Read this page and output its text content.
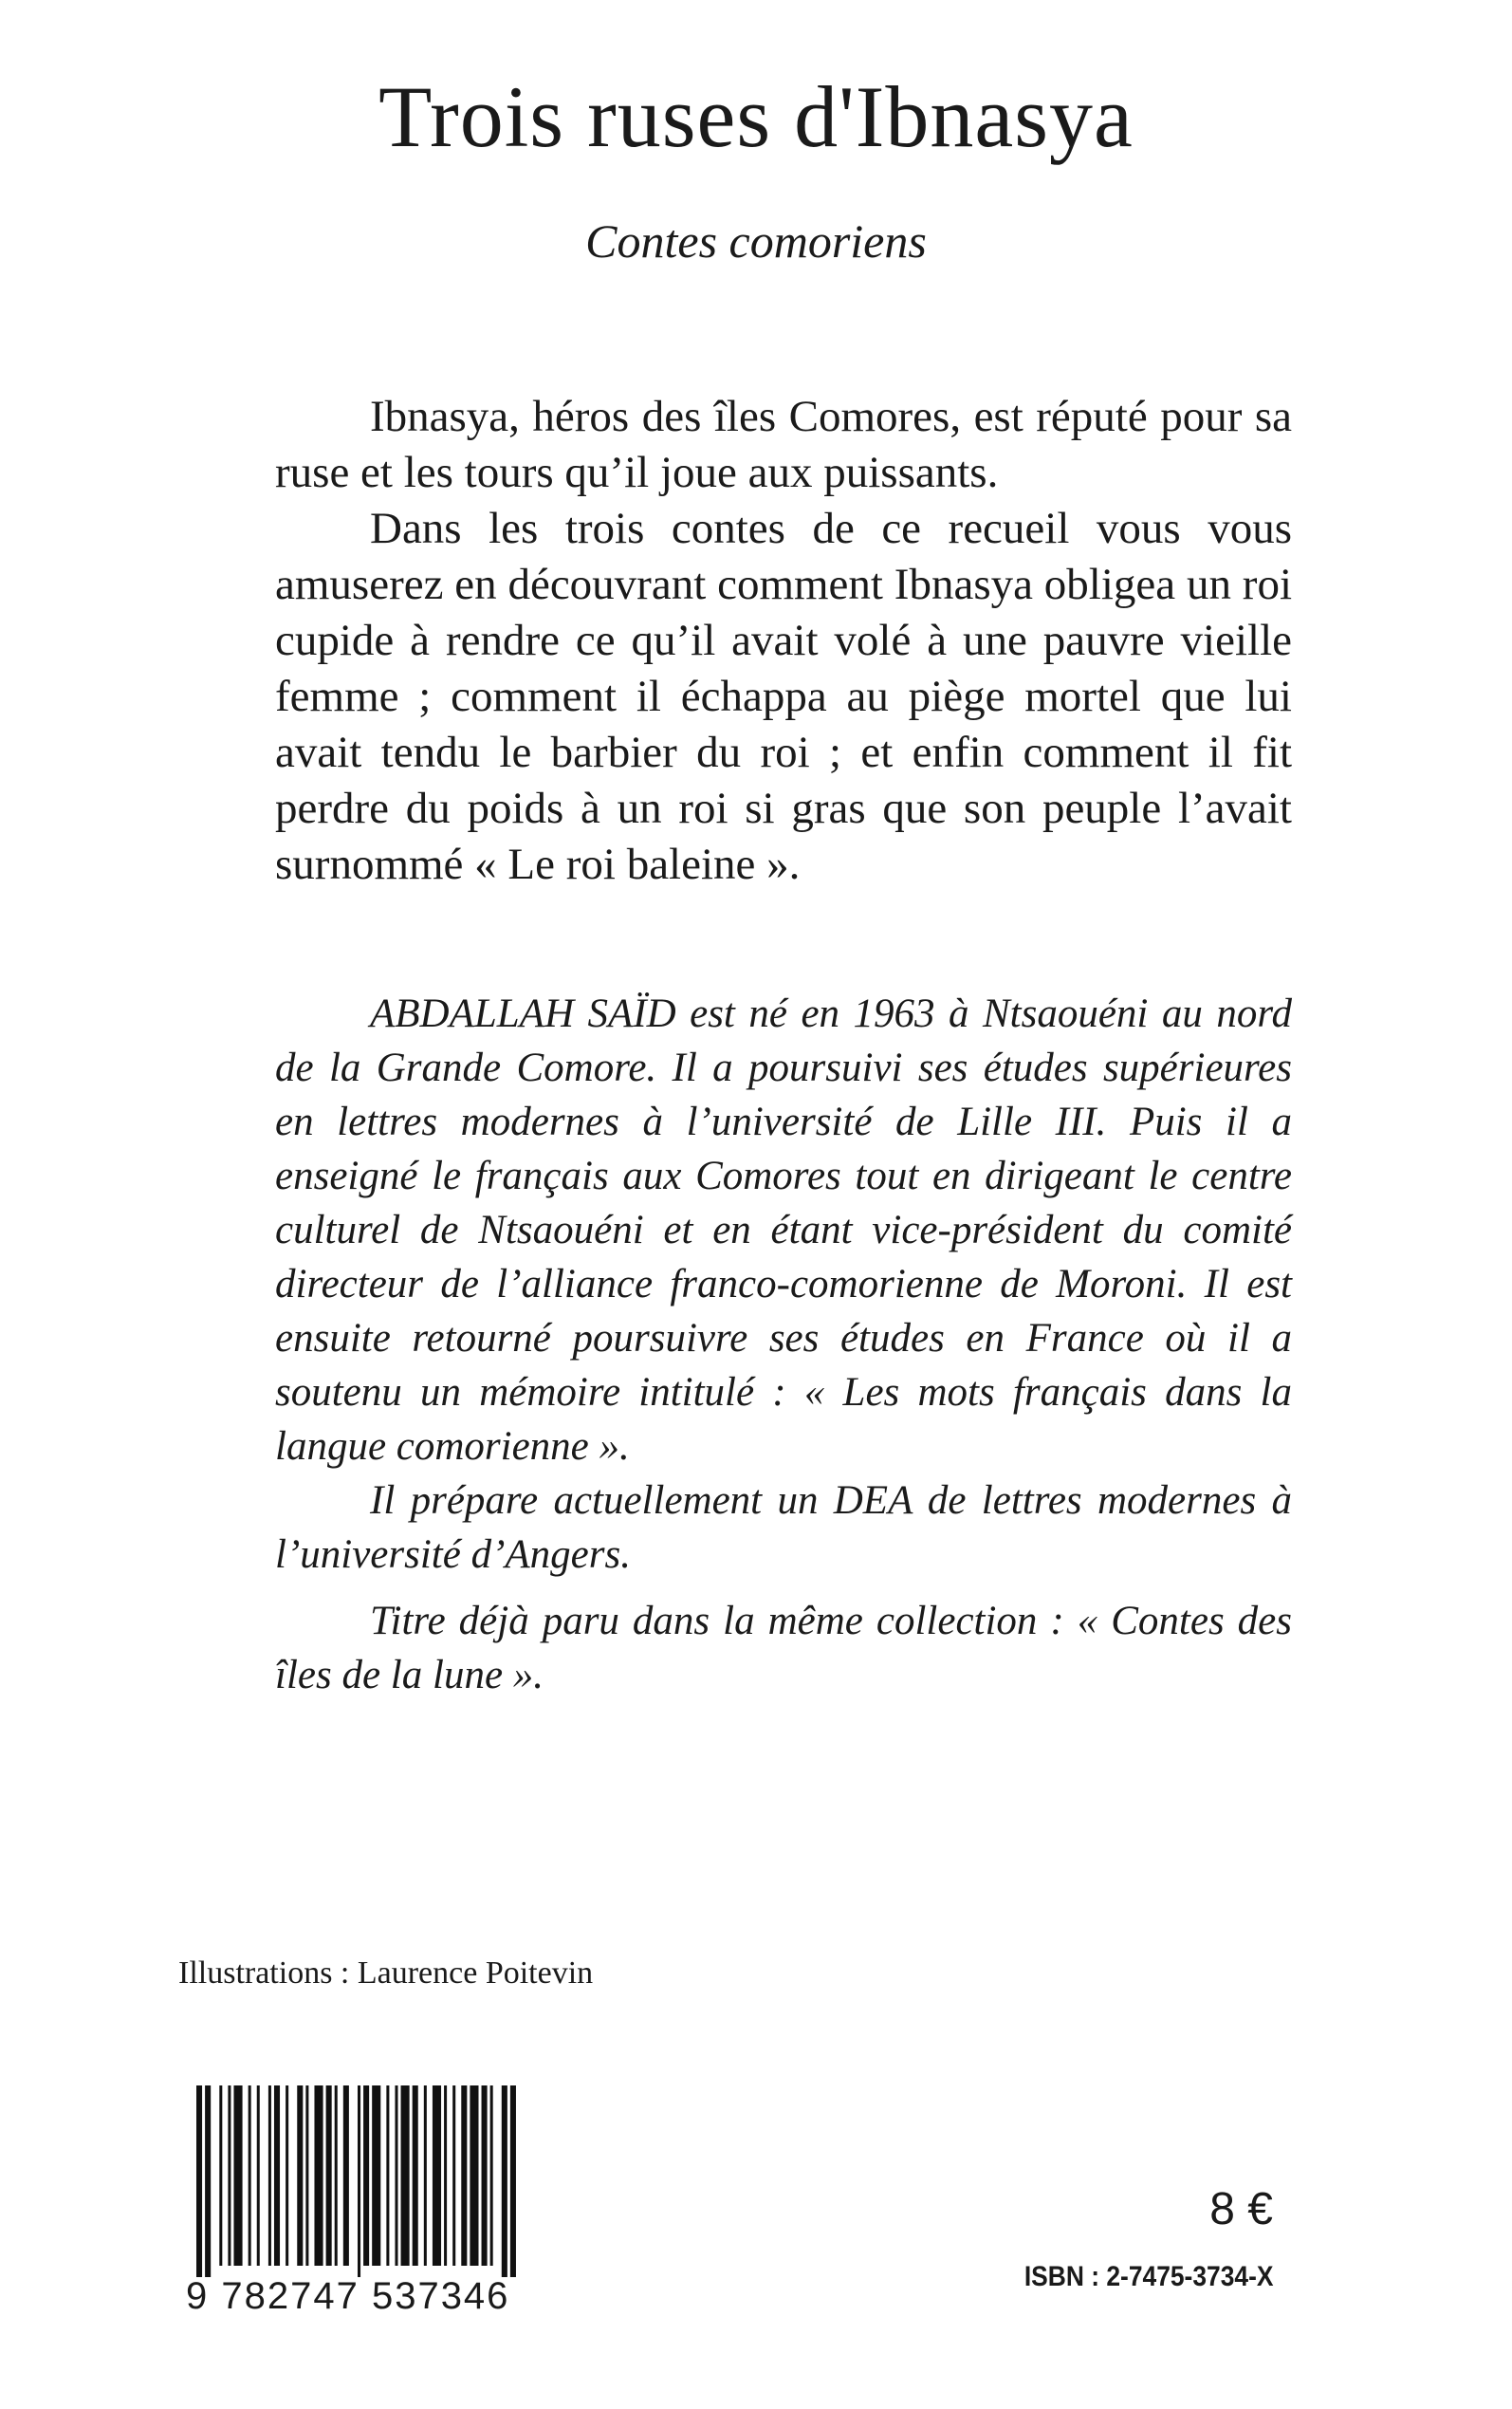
Trois ruses d'Ibnasya
Contes comoriens

Ibnasya, héros des îles Comores, est réputé pour sa ruse et les tours qu’il joue aux puissants.

Dans les trois contes de ce recueil vous vous amuserez en découvrant comment Ibnasya obligea un roi cupide à rendre ce qu’il avait volé à une pauvre vieille femme ; comment il échappa au piège mortel que lui avait tendu le barbier du roi ; et enfin comment il fit perdre du poids à un roi si gras que son peuple l’avait surnommé « Le roi baleine ».

ABDALLAH SAÏD est né en 1963 à Ntsaouéni au nord de la Grande Comore. Il a poursuivi ses études supérieures en lettres modernes à l’université de Lille III. Puis il a enseigné le français aux Comores tout en dirigeant le centre culturel de Ntsaouéni et en étant vice-président du comité directeur de l’alliance franco-comorienne de Moroni. Il est ensuite retourné poursuivre ses études en France où il a soutenu un mémoire intitulé : « Les mots français dans la langue comorienne ».

Il prépare actuellement un DEA de lettres modernes à l’université d’Angers.

Titre déjà paru dans la même collection : « Contes des îles de la lune ».

Illustrations : Laurence Poitevin

9 782747 537346

8 €

ISBN : 2-7475-3734-X
